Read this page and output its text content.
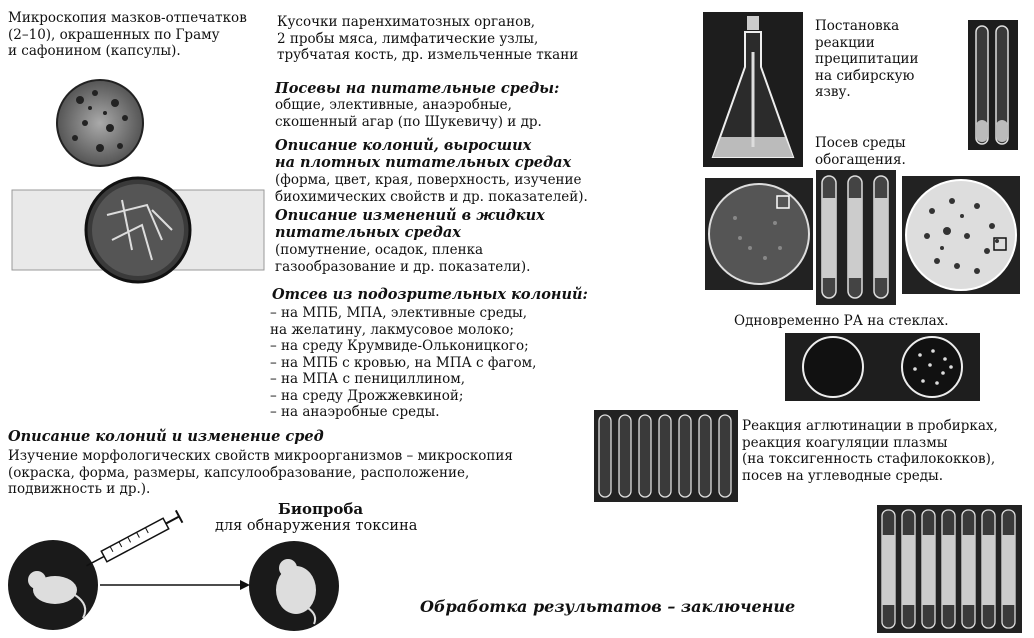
Микроскопия мазков-отпечатков
(2–10), окрашенных по Граму
и сафонином (капсулы).
Кусочки паренхиматозных органов,
2 пробы мяса, лимфатические узлы,
трубчатая кость, др. измельченные ткани
Посевы на питательные среды:
общие, элективные, анаэробные,
скошенный агар (по Шукевичу) и др.
Описание колоний, выросших
на плотных питательных средах
(форма, цвет, края, поверхность, изучение
биохимических свойств и др. показателей).
Описание изменений в жидких
питательных средах
(помутнение, осадок, пленка
газообразование и др. показатели).
Отсев из подозрительных колоний:
– на МПБ, МПА, элективные среды,
на желатину, лакмусовое молоко;
– на среду Крумвиде-Ольконицкого;
– на МПБ с кровью, на МПА с фагом,
– на МПА с пенициллином,
– на среду Дрожжевкиной;
– на анаэробные среды.
Описание колоний и изменение сред
Изучение морфологических свойств микроорганизмов – микроскопия
(окраска, форма, размеры, капсулообразование, расположение,
подвижность и др.).
Биопроба
для обнаружения токсина
Постановка
реакции
преципитации
на сибирскую
язву.
Посев среды
обогащения.
Одновременно РА на стеклах.
Реакция аглютинации в пробирках,
реакция коагуляции плазмы
(на токсигенность стафилококков),
посев на углеводные среды.
Обработка результатов – заключение
